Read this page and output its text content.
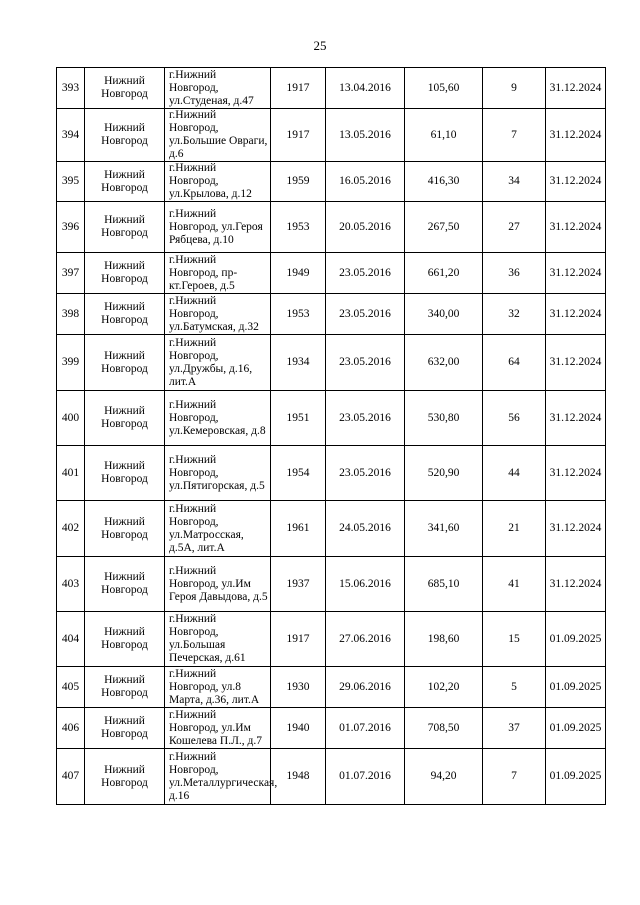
25
393	Нижний Новгород	г.Нижний Новгород, ул.Студеная, д.47	1917	13.04.2016	105,60	9	31.12.2024
394	Нижний Новгород	г.Нижний Новгород, ул.Большие Овраги, д.6	1917	13.05.2016	61,10	7	31.12.2024
395	Нижний Новгород	г.Нижний Новгород, ул.Крылова, д.12	1959	16.05.2016	416,30	34	31.12.2024
396	Нижний Новгород	г.Нижний Новгород, ул.Героя Рябцева, д.10	1953	20.05.2016	267,50	27	31.12.2024
397	Нижний Новгород	г.Нижний Новгород, пр-кт.Героев, д.5	1949	23.05.2016	661,20	36	31.12.2024
398	Нижний Новгород	г.Нижний Новгород, ул.Батумская, д.32	1953	23.05.2016	340,00	32	31.12.2024
399	Нижний Новгород	г.Нижний Новгород, ул.Дружбы, д.16, лит.А	1934	23.05.2016	632,00	64	31.12.2024
400	Нижний Новгород	г.Нижний Новгород, ул.Кемеровская, д.8	1951	23.05.2016	530,80	56	31.12.2024
401	Нижний Новгород	г.Нижний Новгород, ул.Пятигорская, д.5	1954	23.05.2016	520,90	44	31.12.2024
402	Нижний Новгород	г.Нижний Новгород, ул.Матросская, д.5А, лит.А	1961	24.05.2016	341,60	21	31.12.2024
403	Нижний Новгород	г.Нижний Новгород, ул.Им Героя Давыдова, д.5	1937	15.06.2016	685,10	41	31.12.2024
404	Нижний Новгород	г.Нижний Новгород, ул.Большая Печерская, д.61	1917	27.06.2016	198,60	15	01.09.2025
405	Нижний Новгород	г.Нижний Новгород, ул.8 Марта, д.36, лит.А	1930	29.06.2016	102,20	5	01.09.2025
406	Нижний Новгород	г.Нижний Новгород, ул.Им Кошелева П.Л., д.7	1940	01.07.2016	708,50	37	01.09.2025
407	Нижний Новгород	г.Нижний Новгород, ул.Металлургическая, д.16	1948	01.07.2016	94,20	7	01.09.2025
